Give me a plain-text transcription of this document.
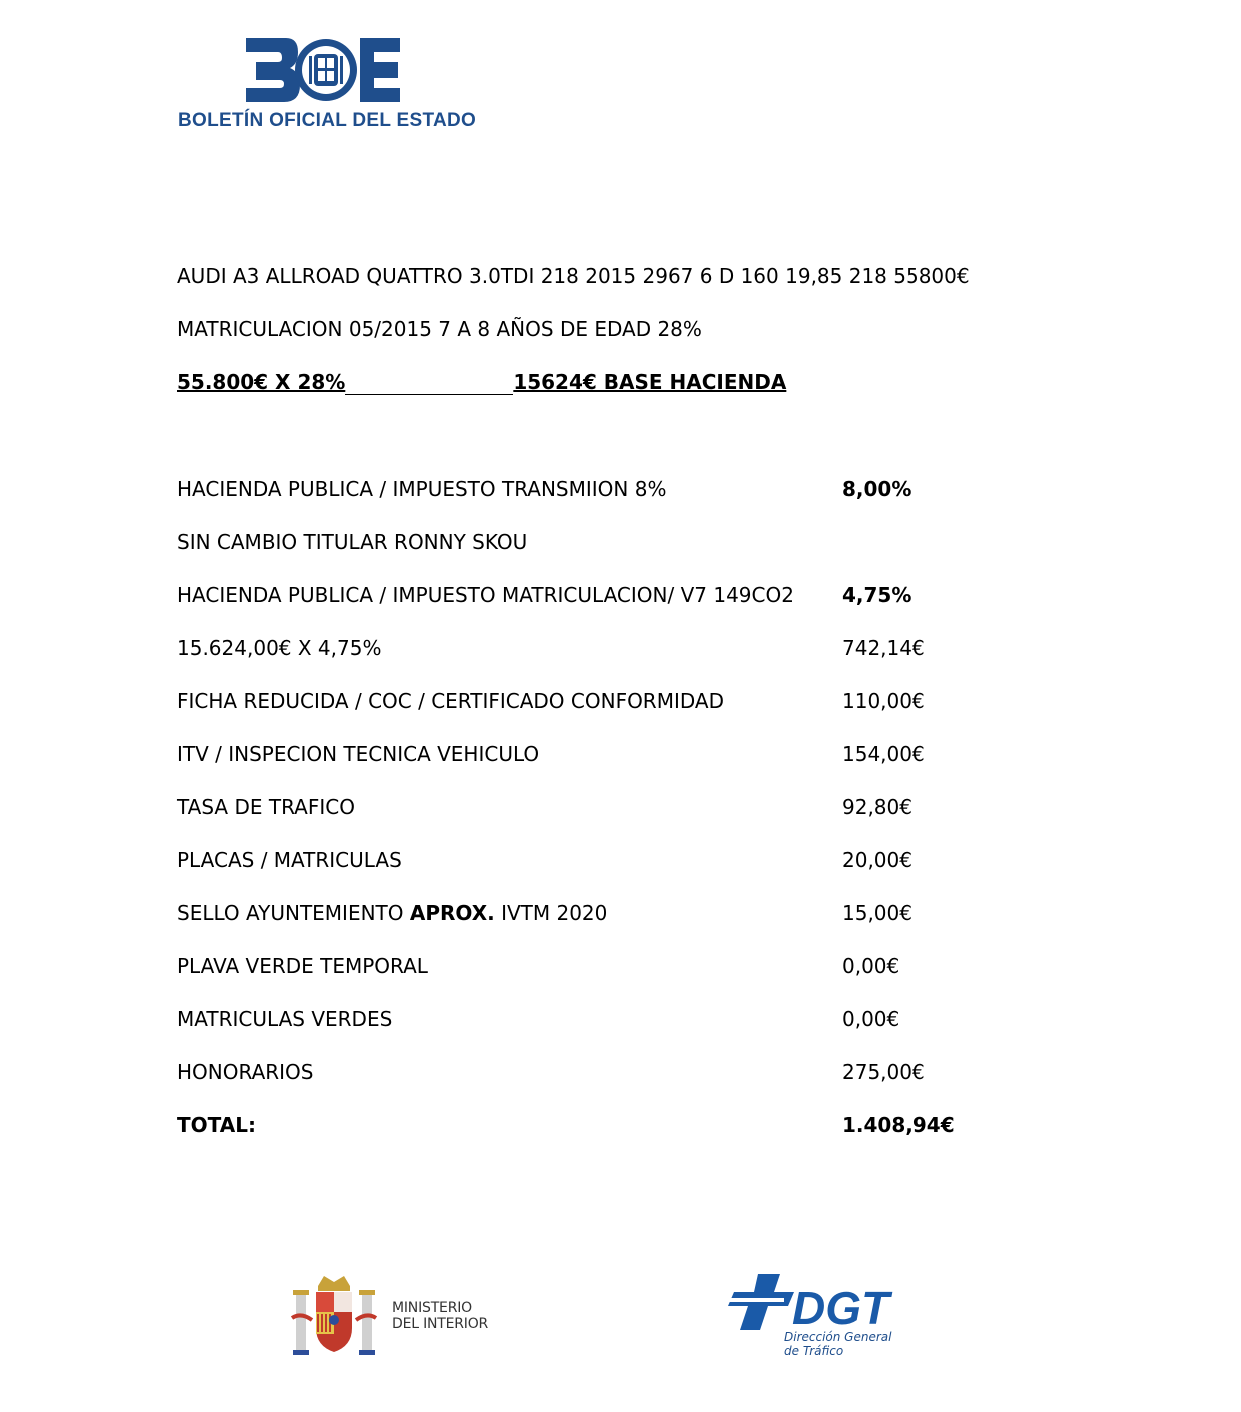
BOLETÍN OFICIAL DEL ESTADO
AUDI A3 ALLROAD QUATTRO 3.0TDI 218 2015 2967 6 D 160 19,85 218 55800€
MATRICULACION 05/2015 7 A 8 AÑOS DE EDAD 28%
55.800€ X 28%	15624€ BASE HACIENDA
HACIENDA PUBLICA / IMPUESTO TRANSMIION 8%	8,00%
SIN CAMBIO TITULAR RONNY SKOU
HACIENDA PUBLICA / IMPUESTO MATRICULACION/ V7 149CO2 4,75%
15.624,00€ X 4,75%	742,14€
FICHA REDUCIDA / COC / CERTIFICADO CONFORMIDAD	110,00€
ITV / INSPECION TECNICA VEHICULO	154,00€
TASA DE TRAFICO	92,80€
PLACAS / MATRICULAS	20,00€
SELLO AYUNTEMIENTO APROX. IVTM 2020	15,00€
PLAVA VERDE TEMPORAL	0,00€
MATRICULAS VERDES	0,00€
HONORARIOS	275,00€
TOTAL:	1.408,94€
MINISTERIO
DEL INTERIOR	DGT
Dirección General
de Tráfico
